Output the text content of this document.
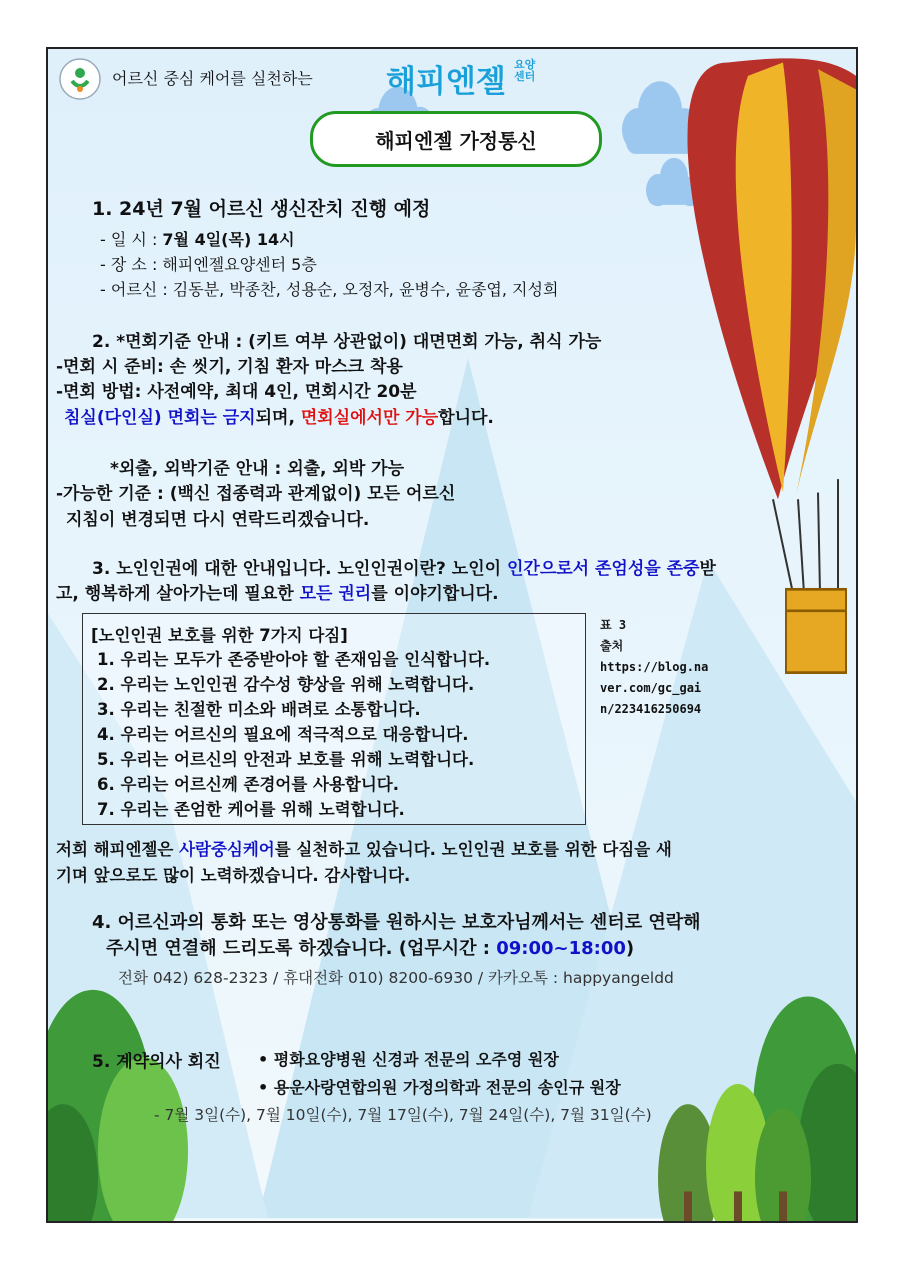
어르신 중심 케어를 실천하는 해피엔젤 요양
센터
해피엔젤 가정통신
1. 24년 7월 어르신 생신잔치 진행 예정
- 일 시 : 7월 4일(목) 14시
- 장 소 : 해피엔젤요양센터 5층
- 어르신 : 김동분, 박종찬, 성용순, 오정자, 윤병수, 윤종엽, 지성희
2. *면회기준 안내 : (키트 여부 상관없이) 대면면회 가능, 취식 가능
-면회 시 준비: 손 씻기, 기침 환자 마스크 착용
-면회 방법: 사전예약, 최대 4인, 면회시간 20분
침실(다인실) 면회는 금지되며, 면회실에서만 가능합니다.
*외출, 외박기준 안내 : 외출, 외박 가능
-가능한 기준 : (백신 접종력과 관계없이) 모든 어르신
지침이 변경되면 다시 연락드리겠습니다.
3. 노인인권에 대한 안내입니다. 노인인권이란? 노인이 인간으로서 존엄성을 존중받
고, 행복하게 살아가는데 필요한 모든 권리를 이야기합니다.
[노인인권 보호를 위한 7가지 다짐]
1. 우리는 모두가 존중받아야 할 존재임을 인식합니다.
2. 우리는 노인인권 감수성 향상을 위해 노력합니다.
3. 우리는 친절한 미소와 배려로 소통합니다.
4. 우리는 어르신의 필요에 적극적으로 대응합니다.
5. 우리는 어르신의 안전과 보호를 위해 노력합니다.
6. 우리는 어르신께 존경어를 사용합니다.
7. 우리는 존엄한 케어를 위해 노력합니다.
표 3
출처
https://blog.na
ver.com/gc_gai
n/223416250694
저희 해피엔젤은 사람중심케어를 실천하고 있습니다. 노인인권 보호를 위한 다짐을 새
기며 앞으로도 많이 노력하겠습니다. 감사합니다.
4. 어르신과의 통화 또는 영상통화를 원하시는 보호자님께서는 센터로 연락해
주시면 연결해 드리도록 하겠습니다. (업무시간 : 09:00~18:00)
전화 042) 628-2323 / 휴대전화 010) 8200-6930 / 카카오톡 : happyangeldd
5. 계약의사 회진 • 평화요양병원 신경과 전문의 오주영 원장
• 용운사랑연합의원 가정의학과 전문의 송인규 원장
- 7월 3일(수), 7월 10일(수), 7월 17일(수), 7월 24일(수), 7월 31일(수)
